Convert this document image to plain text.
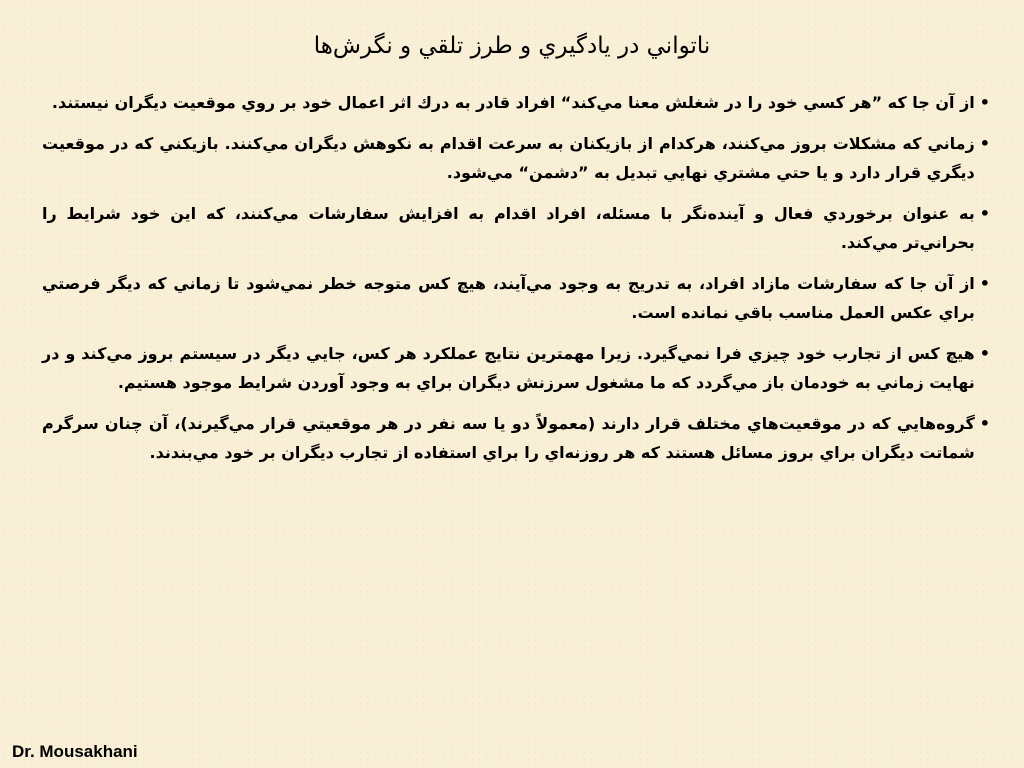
ناتواني در يادگيري و طرز تلقي و نگرش‌ها
•
از آن جا كه ”هر كسي خود را در شغلش معنا مي‌كند“ افراد قادر به درك اثر اعمال خود بر روي موقعيت ديگران نيستند.
•
زماني كه مشكلات بروز مي‌كنند، هركدام از بازيكنان به سرعت اقدام به نكوهش ديگران مي‌كنند. بازيكني كه در موقعيت ديگري قرار دارد و يا حتي مشتري نهايي تبديل به ”دشمن“ مي‌شود.
•
به عنوان برخوردي فعال و آينده‌نگر با مسئله، افراد اقدام به افزايش سفارشات مي‌كنند، كه اين خود شرايط را بحراني‌تر مي‌كند.
•
از آن جا كه سفارشات مازاد افراد، به تدريج به وجود مي‌آيند، هيچ كس متوجه خطر نمي‌شود تا زماني كه ديگر فرصتي براي عكس العمل مناسب باقي نمانده است.
•
هيچ كس از تجارب خود چيزي فرا نمي‌گيرد. زيرا مهمترين نتايج عملكرد هر كس، جايي ديگر در سيستم بروز مي‌كند و در نهايت زماني به خودمان باز مي‌گردد كه ما مشغول سرزنش ديگران براي به وجود آوردن شرايط موجود هستيم.
•
گروه‌هايي كه در موقعيت‌هاي مختلف قرار دارند (معمولاً دو يا سه نفر در هر موقعيتي قرار مي‌گيرند)، آن چنان سرگرم شماتت ديگران براي بروز مسائل هستند كه هر روزنه‌اي را براي استفاده از تجارب ديگران بر خود مي‌بندند.
Dr. Mousakhani
